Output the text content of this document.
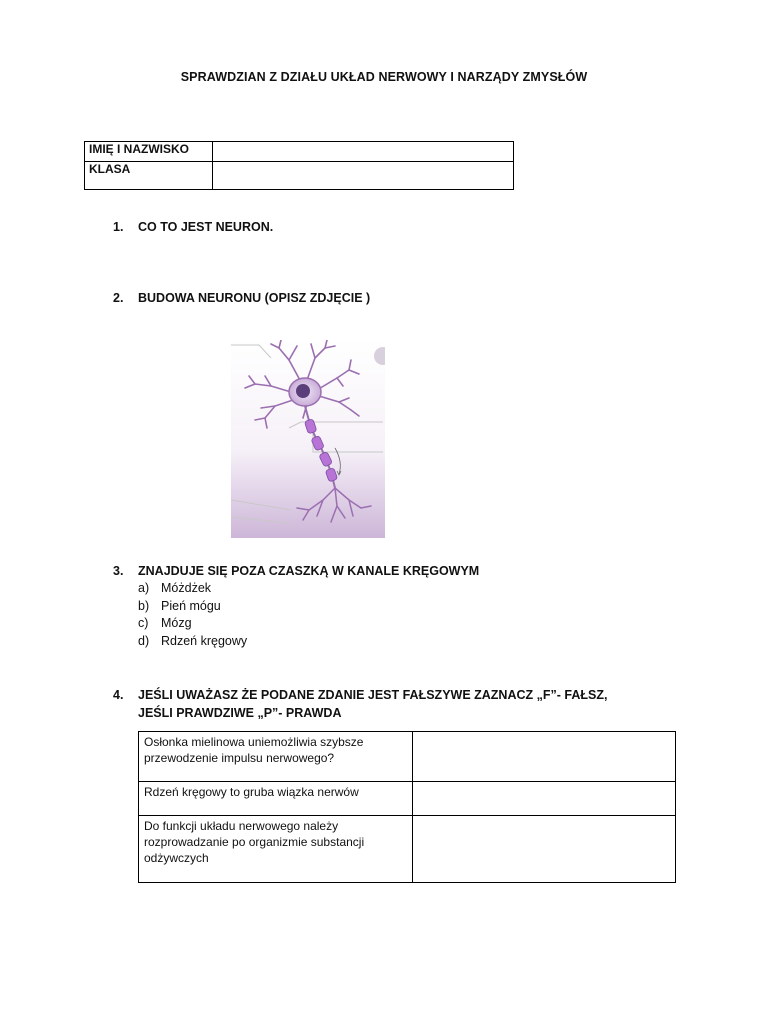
SPRAWDZIAN Z DZIAŁU UKŁAD NERWOWY I NARZĄDY ZMYSŁÓW
IMIĘ I NAZWISKO	
KLASA	
1. CO TO JEST NEURON.
2. BUDOWA NEURONU (OPISZ ZDJĘCIE )
3. ZNAJDUJE SIĘ POZA CZASZKĄ W KANALE KRĘGOWYM
a) Móżdżek
b) Pień mógu
c) Mózg
d) Rdzeń kręgowy
4. JEŚLI UWAŻASZ ŻE PODANE ZDANIE JEST FAŁSZYWE ZAZNACZ „F”- FAŁSZ, JEŚLI PRAWDZIWE „P”- PRAWDA
Osłonka mielinowa uniemożliwia szybsze przewodzenie impulsu nerwowego?	
Rdzeń kręgowy to gruba wiązka nerwów	
Do funkcji układu nerwowego należy rozprowadzanie po organizmie substancji odżywczych	
